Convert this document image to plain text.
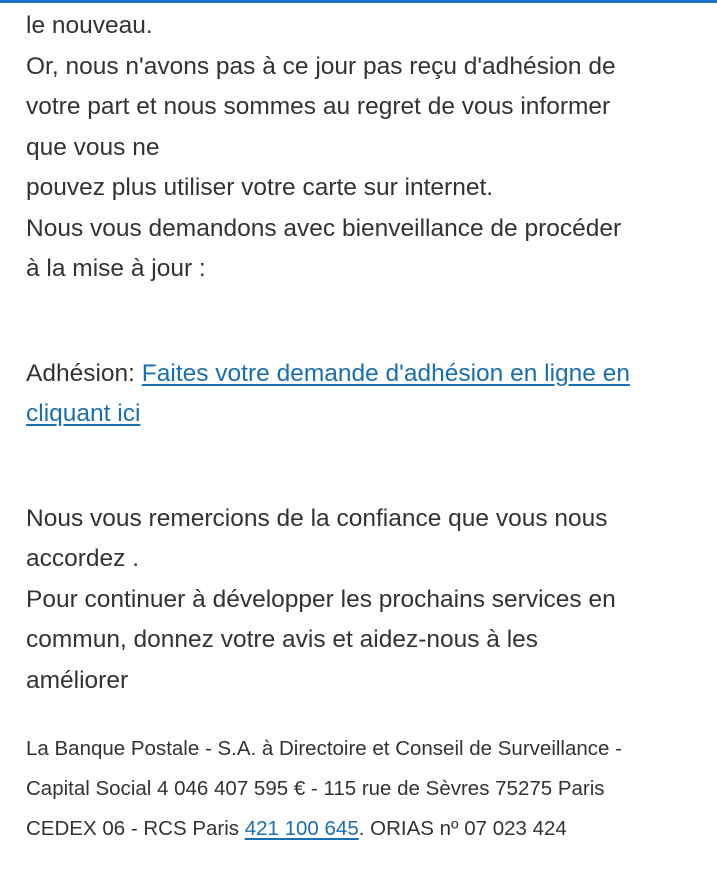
le nouveau.
Or, nous n'avons pas à ce jour pas reçu d'adhésion de
votre part et nous sommes au regret de vous informer
que vous ne
pouvez plus utiliser votre carte sur internet.
Nous vous demandons avec bienveillance de procéder
à la mise à jour :

Adhésion: Faites votre demande d'adhésion en ligne en
cliquant ici

Nous vous remercions de la confiance que vous nous
accordez .
Pour continuer à développer les prochains services en
commun, donnez votre avis et aidez-nous à les
améliorer

La Banque Postale - S.A. à Directoire et Conseil de Surveillance -
Capital Social 4 046 407 595 € - 115 rue de Sèvres 75275 Paris
CEDEX 06 - RCS Paris 421 100 645. ORIAS nº 07 023 424
